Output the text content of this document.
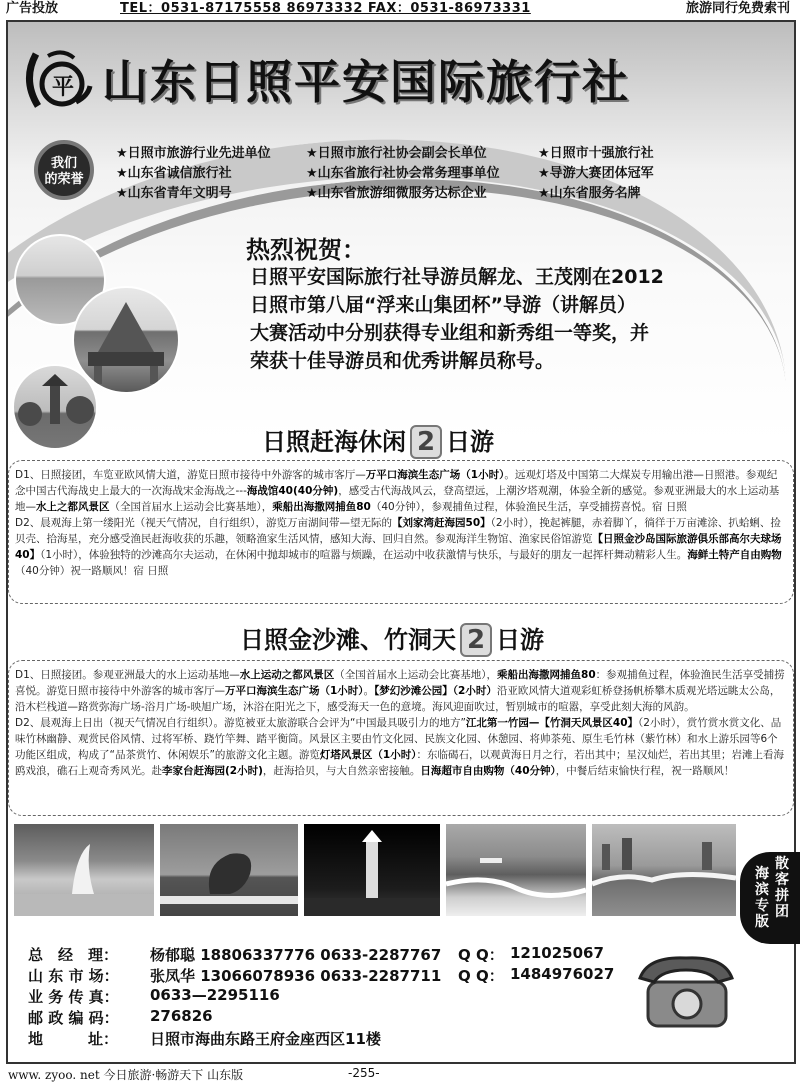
广告投放	TEL：0531-87175558 86973332 FAX：0531-86973331	旅游同行免费索刊
平 山东日照平安国际旅行社
我们
的荣誉
★日照市旅游行业先进单位	★日照市旅行社协会副会长单位	★日照市十强旅行社
★山东省诚信旅行社	★山东省旅行社协会常务理事单位	★导游大赛团体冠军
★山东省青年文明号	★山东省旅游细微服务达标企业	★山东省服务名牌
热烈祝贺：
日照平安国际旅行社导游员解龙、王茂刚在2012
日照市第八届“浮来山集团杯”导游（讲解员）
大赛活动中分别获得专业组和新秀组一等奖，并
荣获十佳导游员和优秀讲解员称号。
日照赶海休闲 2 日游

D1、日照接团，车览亚欧风情大道，游览日照市接待中外游客的城市客厅—万平口海滨生态广场（1小时）。远观灯塔及中国第二大煤炭专用输出港—日照港。参观纪念中国古代海战史上最大的一次海战宋金海战之---海战馆40(40分钟)，感受古代海战风云，登高望远，上潮汐塔观潮，体验全新的感觉。参观亚洲最大的水上运动基地—水上之都风景区（全国首届水上运动会比赛基地），乘船出海撒网捕鱼80（40分钟），参观捕鱼过程，体验渔民生活，享受捕捞喜悦。宿 日照

D2、晨观海上第一缕阳光（视天气情况，自行组织），游览万亩湖间带—望无际的【刘家湾赶海园50】（2小时），挽起裤腿，赤着脚丫，徜徉于万亩滩涂、扒蛤蜊、捡贝壳、拾海星，充分感受渔民赶海收获的乐趣，领略渔家生活风情，感知大海、回归自然。参观海洋生物馆、渔家民俗馆游览【日照金沙岛国际旅游俱乐部高尔夫球场40】（1小时），体验独特的沙滩高尔夫运动，在休闲中抛却城市的喧嚣与烦躁，在运动中收获激情与快乐，与最好的朋友一起挥杆舞动精彩人生。海鲜土特产自由购物（40分钟）祝一路顺风！宿 日照

日照金沙滩、竹洞天 2 日游

D1、日照接团。参观亚洲最大的水上运动基地—水上运动之都风景区（全国首届水上运动会比赛基地），乘船出海撒网捕鱼80：参观捕鱼过程，体验渔民生活享受捕捞喜悦。游览日照市接待中外游客的城市客厅—万平口海滨生态广场（1小时）。【梦幻沙滩公园】（2小时）沿亚欧风情大道观彩虹桥登扬帆桥攀木质观光塔远眺太公岛，沿木栏栈道—路赏弥海广场-浴月广场-映旭广场，沐浴在阳光之下，感受海天一色的意境。海风迎面吹过，暂别城市的喧嚣，享受此刻大海的风韵。

D2、晨观海上日出（视天气情况自行组织）。游览被亚太旅游联合会评为“中国最具吸引力的地方”江北第一竹园—【竹洞天风景区40】（2小时），赏竹赏水赏文化、品味竹林幽静、观赏民俗风情、过将军桥、跷竹竿舞、踏平衡筒。风景区主要由竹文化园、民族文化园、休憩园、将帅茶苑、原生毛竹林（紫竹林）和水上游乐园等6个功能区组成，构成了“品茶赏竹、休闲娱乐”的旅游文化主题。游览灯塔风景区（1小时）：东临碣石，以观黄海日月之行，若出其中；星汉灿烂，若出其里；岩滩上看海鸥戏浪，礁石上观奇秀风光。赴李家台赶海园(2小时)，赶海拾贝，与大自然亲密接触。日海超市自由购物（40分钟），中餐后结束愉快行程，祝一路顺风！

海滨专版
散客拼团
总　经　理： 杨郁聪 18806337776 0633-2287767 Q Q： 121025067
山 东 市 场： 张凤华 13066078936 0633-2287711 Q Q： 1484976027
业 务 传 真： 0633—2295116
邮 政 编 码： 276826
地　　　址： 日照市海曲东路王府金座西区11楼
www. zyoo. net 今日旅游·畅游天下 山东版	-255-
